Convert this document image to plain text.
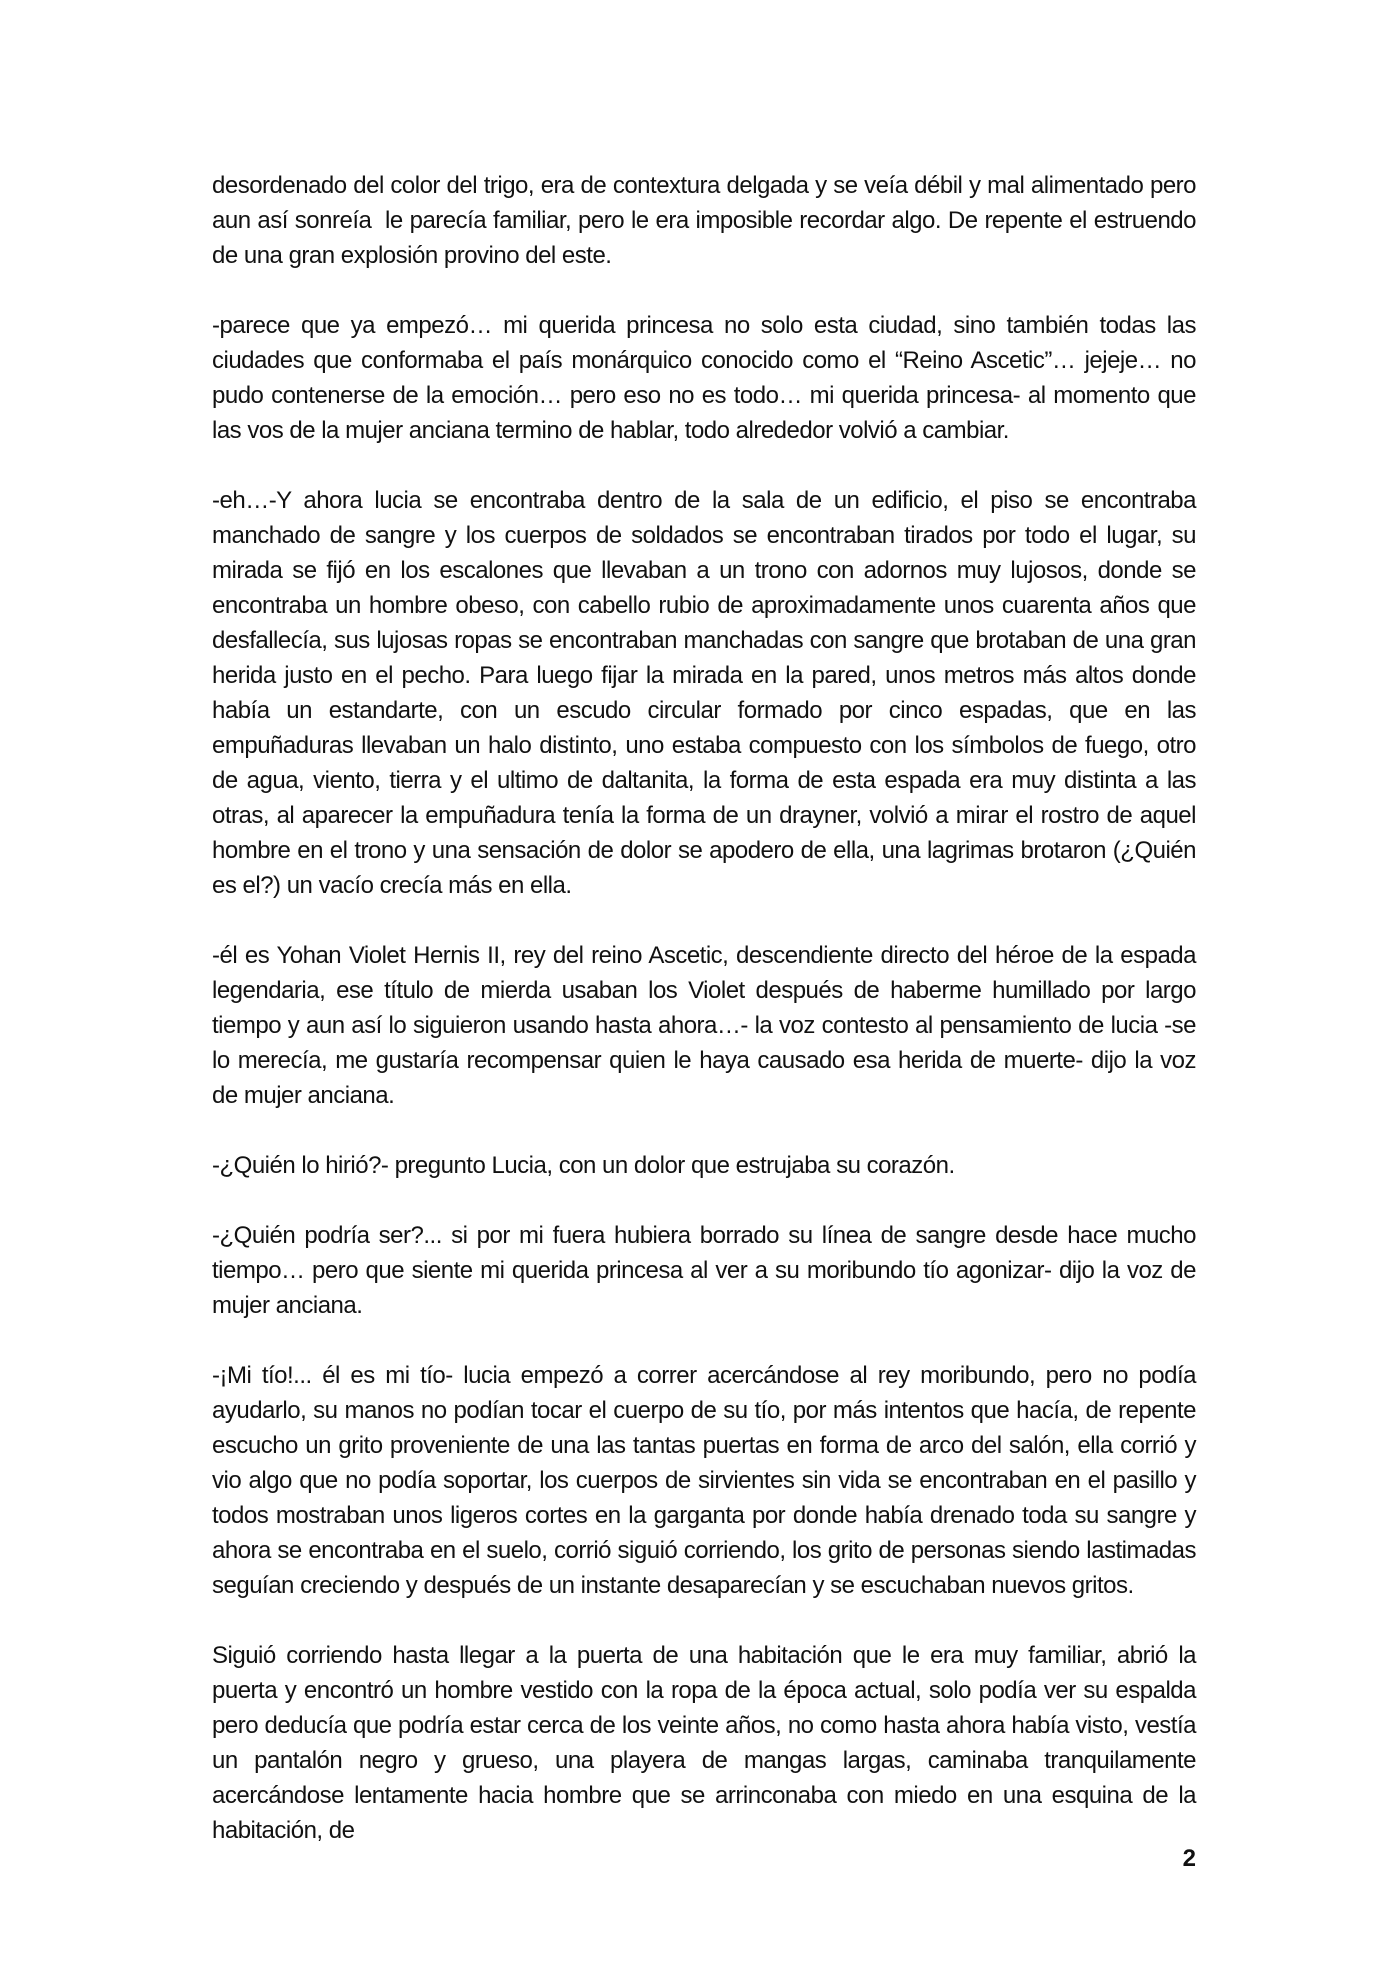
desordenado del color del trigo, era de contextura delgada y se veía débil y mal alimentado pero aun así sonreía  le parecía familiar, pero le era imposible recordar algo. De repente el estruendo de una gran explosión provino del este.

-parece que ya empezó… mi querida princesa no solo esta ciudad, sino también todas las ciudades que conformaba el país monárquico conocido como el “Reino Ascetic”… jejeje… no pudo contenerse de la emoción… pero eso no es todo… mi querida princesa- al momento que las vos de la mujer anciana termino de hablar, todo alrededor volvió a cambiar.

-eh…-Y ahora lucia se encontraba dentro de la sala de un edificio, el piso se encontraba manchado de sangre y los cuerpos de soldados se encontraban tirados por todo el lugar, su mirada se fijó en los escalones que llevaban a un trono con adornos muy lujosos, donde se encontraba un hombre obeso, con cabello rubio de aproximadamente unos cuarenta años que desfallecía, sus lujosas ropas se encontraban manchadas con sangre que brotaban de una gran herida justo en el pecho. Para luego fijar la mirada en la pared, unos metros más altos donde había un estandarte, con un escudo circular formado por cinco espadas, que en las empuñaduras llevaban un halo distinto, uno estaba compuesto con los símbolos de fuego, otro de agua, viento, tierra y el ultimo de daltanita, la forma de esta espada era muy distinta a las otras, al aparecer la empuñadura tenía la forma de un drayner, volvió a mirar el rostro de aquel hombre en el trono y una sensación de dolor se apodero de ella, una lagrimas brotaron (¿Quién es el?) un vacío crecía más en ella.

-él es Yohan Violet Hernis II, rey del reino Ascetic, descendiente directo del héroe de la espada legendaria, ese título de mierda usaban los Violet después de haberme humillado por largo tiempo y aun así lo siguieron usando hasta ahora…- la voz contesto al pensamiento de lucia -se lo merecía, me gustaría recompensar quien le haya causado esa herida de muerte- dijo la voz de mujer anciana.

-¿Quién lo hirió?- pregunto Lucia, con un dolor que estrujaba su corazón.

-¿Quién podría ser?... si por mi fuera hubiera borrado su línea de sangre desde hace mucho tiempo… pero que siente mi querida princesa al ver a su moribundo tío agonizar- dijo la voz de mujer anciana.

-¡Mi tío!... él es mi tío- lucia empezó a correr acercándose al rey moribundo, pero no podía ayudarlo, su manos no podían tocar el cuerpo de su tío, por más intentos que hacía, de repente escucho un grito proveniente de una las tantas puertas en forma de arco del salón, ella corrió y vio algo que no podía soportar, los cuerpos de sirvientes sin vida se encontraban en el pasillo y todos mostraban unos ligeros cortes en la garganta por donde había drenado toda su sangre y ahora se encontraba en el suelo, corrió siguió corriendo, los grito de personas siendo lastimadas seguían creciendo y después de un instante desaparecían y se escuchaban nuevos gritos.

Siguió corriendo hasta llegar a la puerta de una habitación que le era muy familiar, abrió la puerta y encontró un hombre vestido con la ropa de la época actual, solo podía ver su espalda pero deducía que podría estar cerca de los veinte años, no como hasta ahora había visto, vestía un pantalón negro y grueso, una playera de mangas largas, caminaba tranquilamente acercándose lentamente hacia hombre que se arrinconaba con miedo en una esquina de la habitación, de

2
